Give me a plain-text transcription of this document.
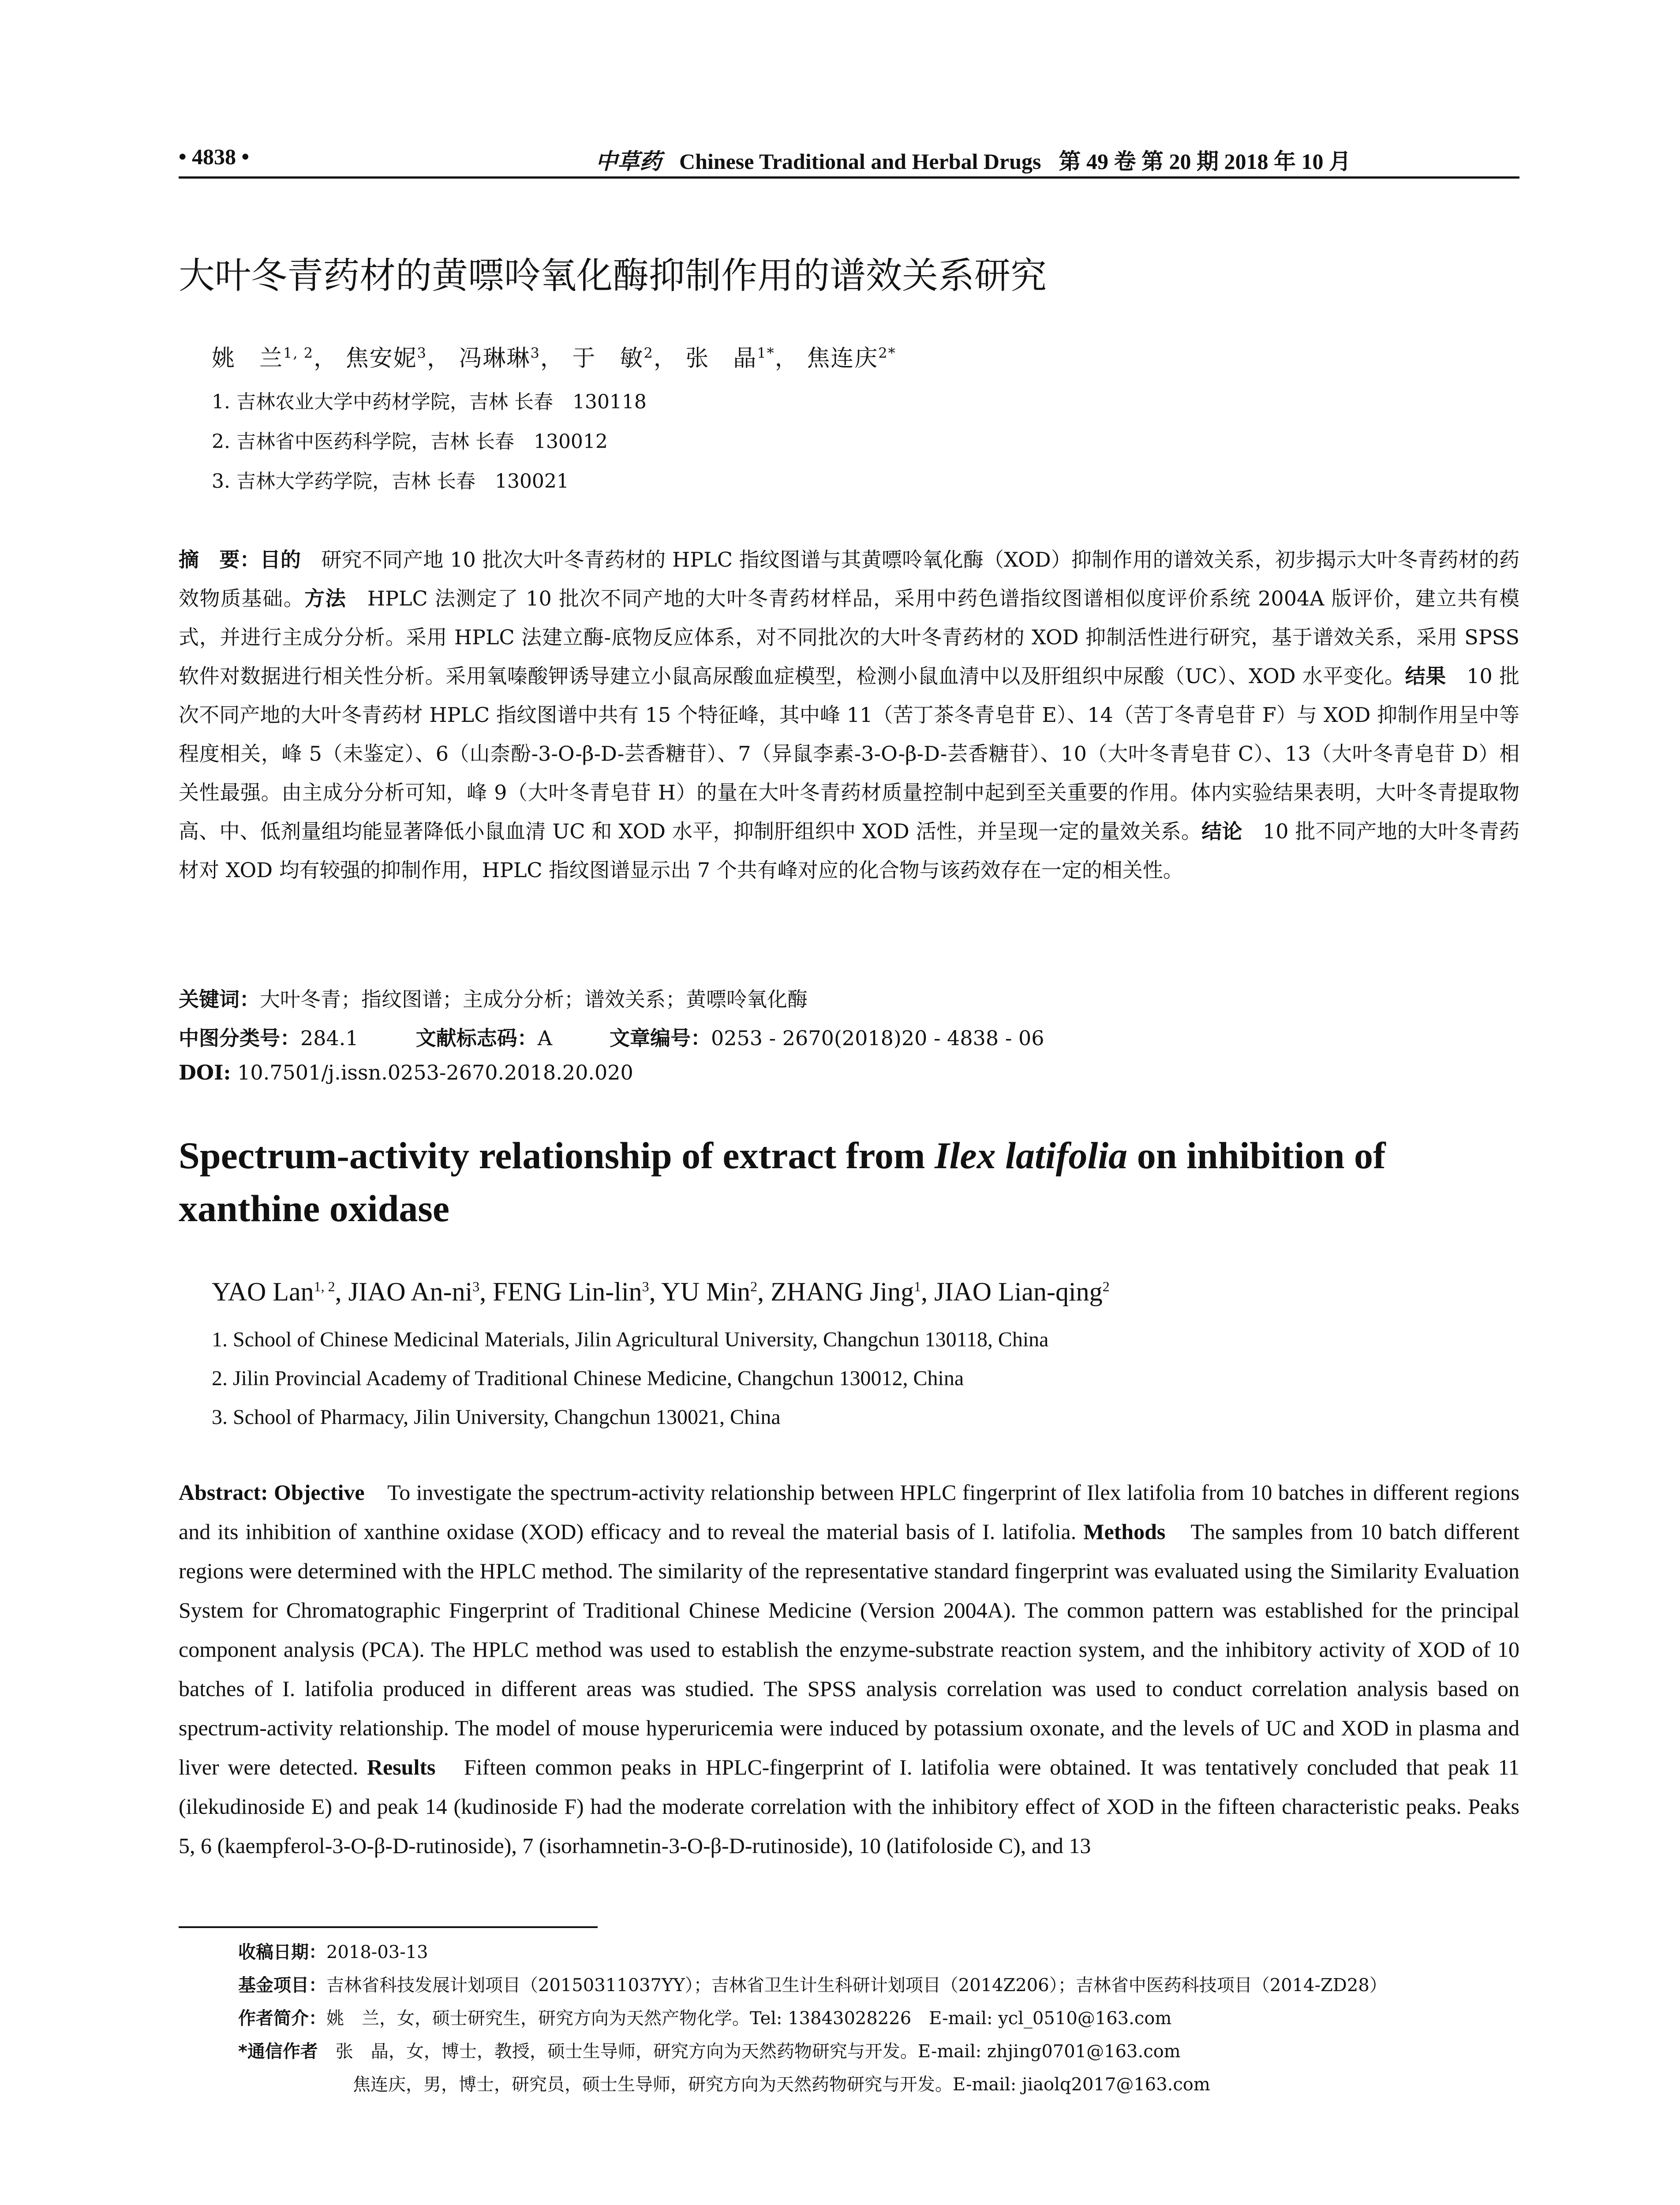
• 4838 •	中草药 Chinese Traditional and Herbal Drugs 第 49 卷 第 20 期 2018 年 10 月
大叶冬青药材的黄嘌呤氧化酶抑制作用的谱效关系研究
姚　兰$^{1, 2}$， 焦安妮$^3$， 冯琳琳$^3$， 于　敏$^2$， 张　晶$^{1*}$， 焦连庆$^{2*}$
1. 吉林农业大学中药材学院，吉林 长春　130118
2. 吉林省中医药科学院，吉林 长春　130012
3. 吉林大学药学院，吉林 长春　130021
摘　要：目的　研究不同产地 10 批次大叶冬青药材的 HPLC 指纹图谱与其黄嘌呤氧化酶（XOD）抑制作用的谱效关系，初步揭示大叶冬青药材的药效物质基础。方法　HPLC 法测定了 10 批次不同产地的大叶冬青药材样品，采用中药色谱指纹图谱相似度评价系统 2004A 版评价，建立共有模式，并进行主成分分析。采用 HPLC 法建立酶-底物反应体系，对不同批次的大叶冬青药材的 XOD 抑制活性进行研究，基于谱效关系，采用 SPSS 软件对数据进行相关性分析。采用氧嗪酸钾诱导建立小鼠高尿酸血症模型，检测小鼠血清中以及肝组织中尿酸（UC）、XOD 水平变化。结果　10 批次不同产地的大叶冬青药材 HPLC 指纹图谱中共有 15 个特征峰，其中峰 11（苦丁茶冬青皂苷 E）、14（苦丁冬青皂苷 F）与 XOD 抑制作用呈中等程度相关，峰 5（未鉴定）、6（山柰酚-3-O-β-D-芸香糖苷）、7（异鼠李素-3-O-β-D-芸香糖苷）、10（大叶冬青皂苷 C）、13（大叶冬青皂苷 D）相关性最强。由主成分分析可知，峰 9（大叶冬青皂苷 H）的量在大叶冬青药材质量控制中起到至关重要的作用。体内实验结果表明，大叶冬青提取物高、中、低剂量组均能显著降低小鼠血清 UC 和 XOD 水平，抑制肝组织中 XOD 活性，并呈现一定的量效关系。结论　10 批不同产地的大叶冬青药材对 XOD 均有较强的抑制作用，HPLC 指纹图谱显示出 7 个共有峰对应的化合物与该药效存在一定的相关性。
关键词：大叶冬青；指纹图谱；主成分分析；谱效关系；黄嘌呤氧化酶
中图分类号：284.1	文献标志码：A	文章编号：0253 - 2670(2018)20 - 4838 - 06
DOI: 10.7501/j.issn.0253-2670.2018.20.020
Spectrum-activity relationship of extract from Ilex latifolia on inhibition of xanthine oxidase
YAO Lan$^{1, 2}$, JIAO $An-ni^3$, FENG Lin-lin$^3$, YU Min$^2$, ZHANG Jing$^1$, JIAO Lian-qing$^2$
1. School of Chinese Medicinal Materials, Jilin Agricultural University, Changchun 130118, China
2. Jilin Provincial Academy of Traditional Chinese Medicine, Changchun 130012, China
3. School of Pharmacy, Jilin University, Changchun 130021, China
Abstract: Objective　To investigate the spectrum-activity relationship between HPLC fingerprint of Ilex latifolia from 10 batches in different regions and its inhibition of xanthine oxidase (XOD) efficacy and to reveal the material basis of I. latifolia. Methods　The samples from 10 batch different regions were determined with the HPLC method. The similarity of the representative standard fingerprint was evaluated using the Similarity Evaluation System for Chromatographic Fingerprint of Traditional Chinese Medicine (Version 2004A). The common pattern was established for the principal component analysis (PCA). The HPLC method was used to establish the enzyme-substrate reaction system, and the inhibitory activity of XOD of 10 batches of I. latifolia produced in different areas was studied. The SPSS analysis correlation was used to conduct correlation analysis based on spectrum-activity relationship. The model of mouse hyperuricemia were induced by potassium oxonate, and the levels of UC and XOD in plasma and liver were detected. Results　Fifteen common peaks in HPLC-fingerprint of I. latifolia were obtained. It was tentatively concluded that peak 11 (ilekudinoside E) and peak 14 (kudinoside F) had the moderate correlation with the inhibitory effect of XOD in the fifteen characteristic peaks. Peaks 5, 6 (kaempferol-3-O-β-D-rutinoside), 7 (isorhamnetin-3-O-β-D-rutinoside), 10 (latifoloside C), and 13
收稿日期：2018-03-13
基金项目：吉林省科技发展计划项目（20150311037YY）；吉林省卫生计生科研计划项目（2014Z206）；吉林省中医药科技项目（2014-ZD28）
作者简介：姚　兰，女，硕士研究生，研究方向为天然产物化学。Tel: 13843028226　E-mail: ycl_0510@163.com
*通信作者　张　晶，女，博士，教授，硕士生导师，研究方向为天然药物研究与开发。E-mail: zhjing0701@163.com
焦连庆，男，博士，研究员，硕士生导师，研究方向为天然药物研究与开发。E-mail: jiaolq2017@163.com
